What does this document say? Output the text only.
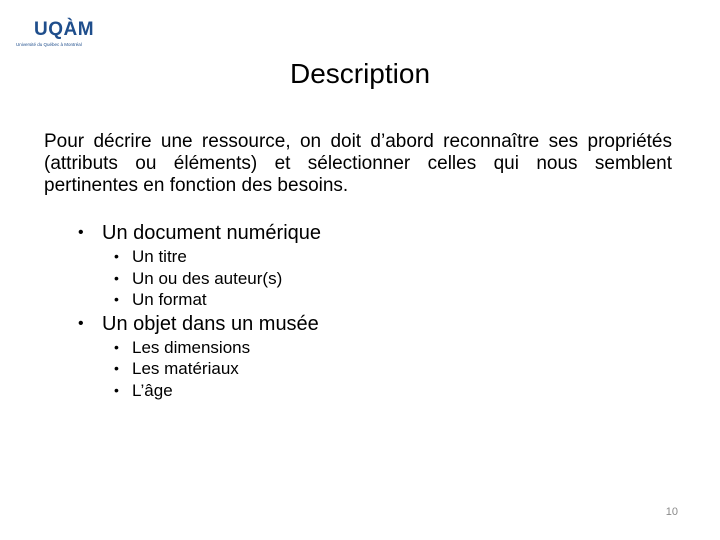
UQÀM
Université du Québec à Montréal
Description
Pour décrire une ressource, on doit d’abord reconnaître ses propriétés (attributs ou éléments) et sélectionner celles qui nous semblent pertinentes en fonction des besoins.
• Un document numérique
• Un titre
• Un ou des auteur(s)
• Un format
• Un objet dans un musée
• Les dimensions
• Les matériaux
• L’âge
10
